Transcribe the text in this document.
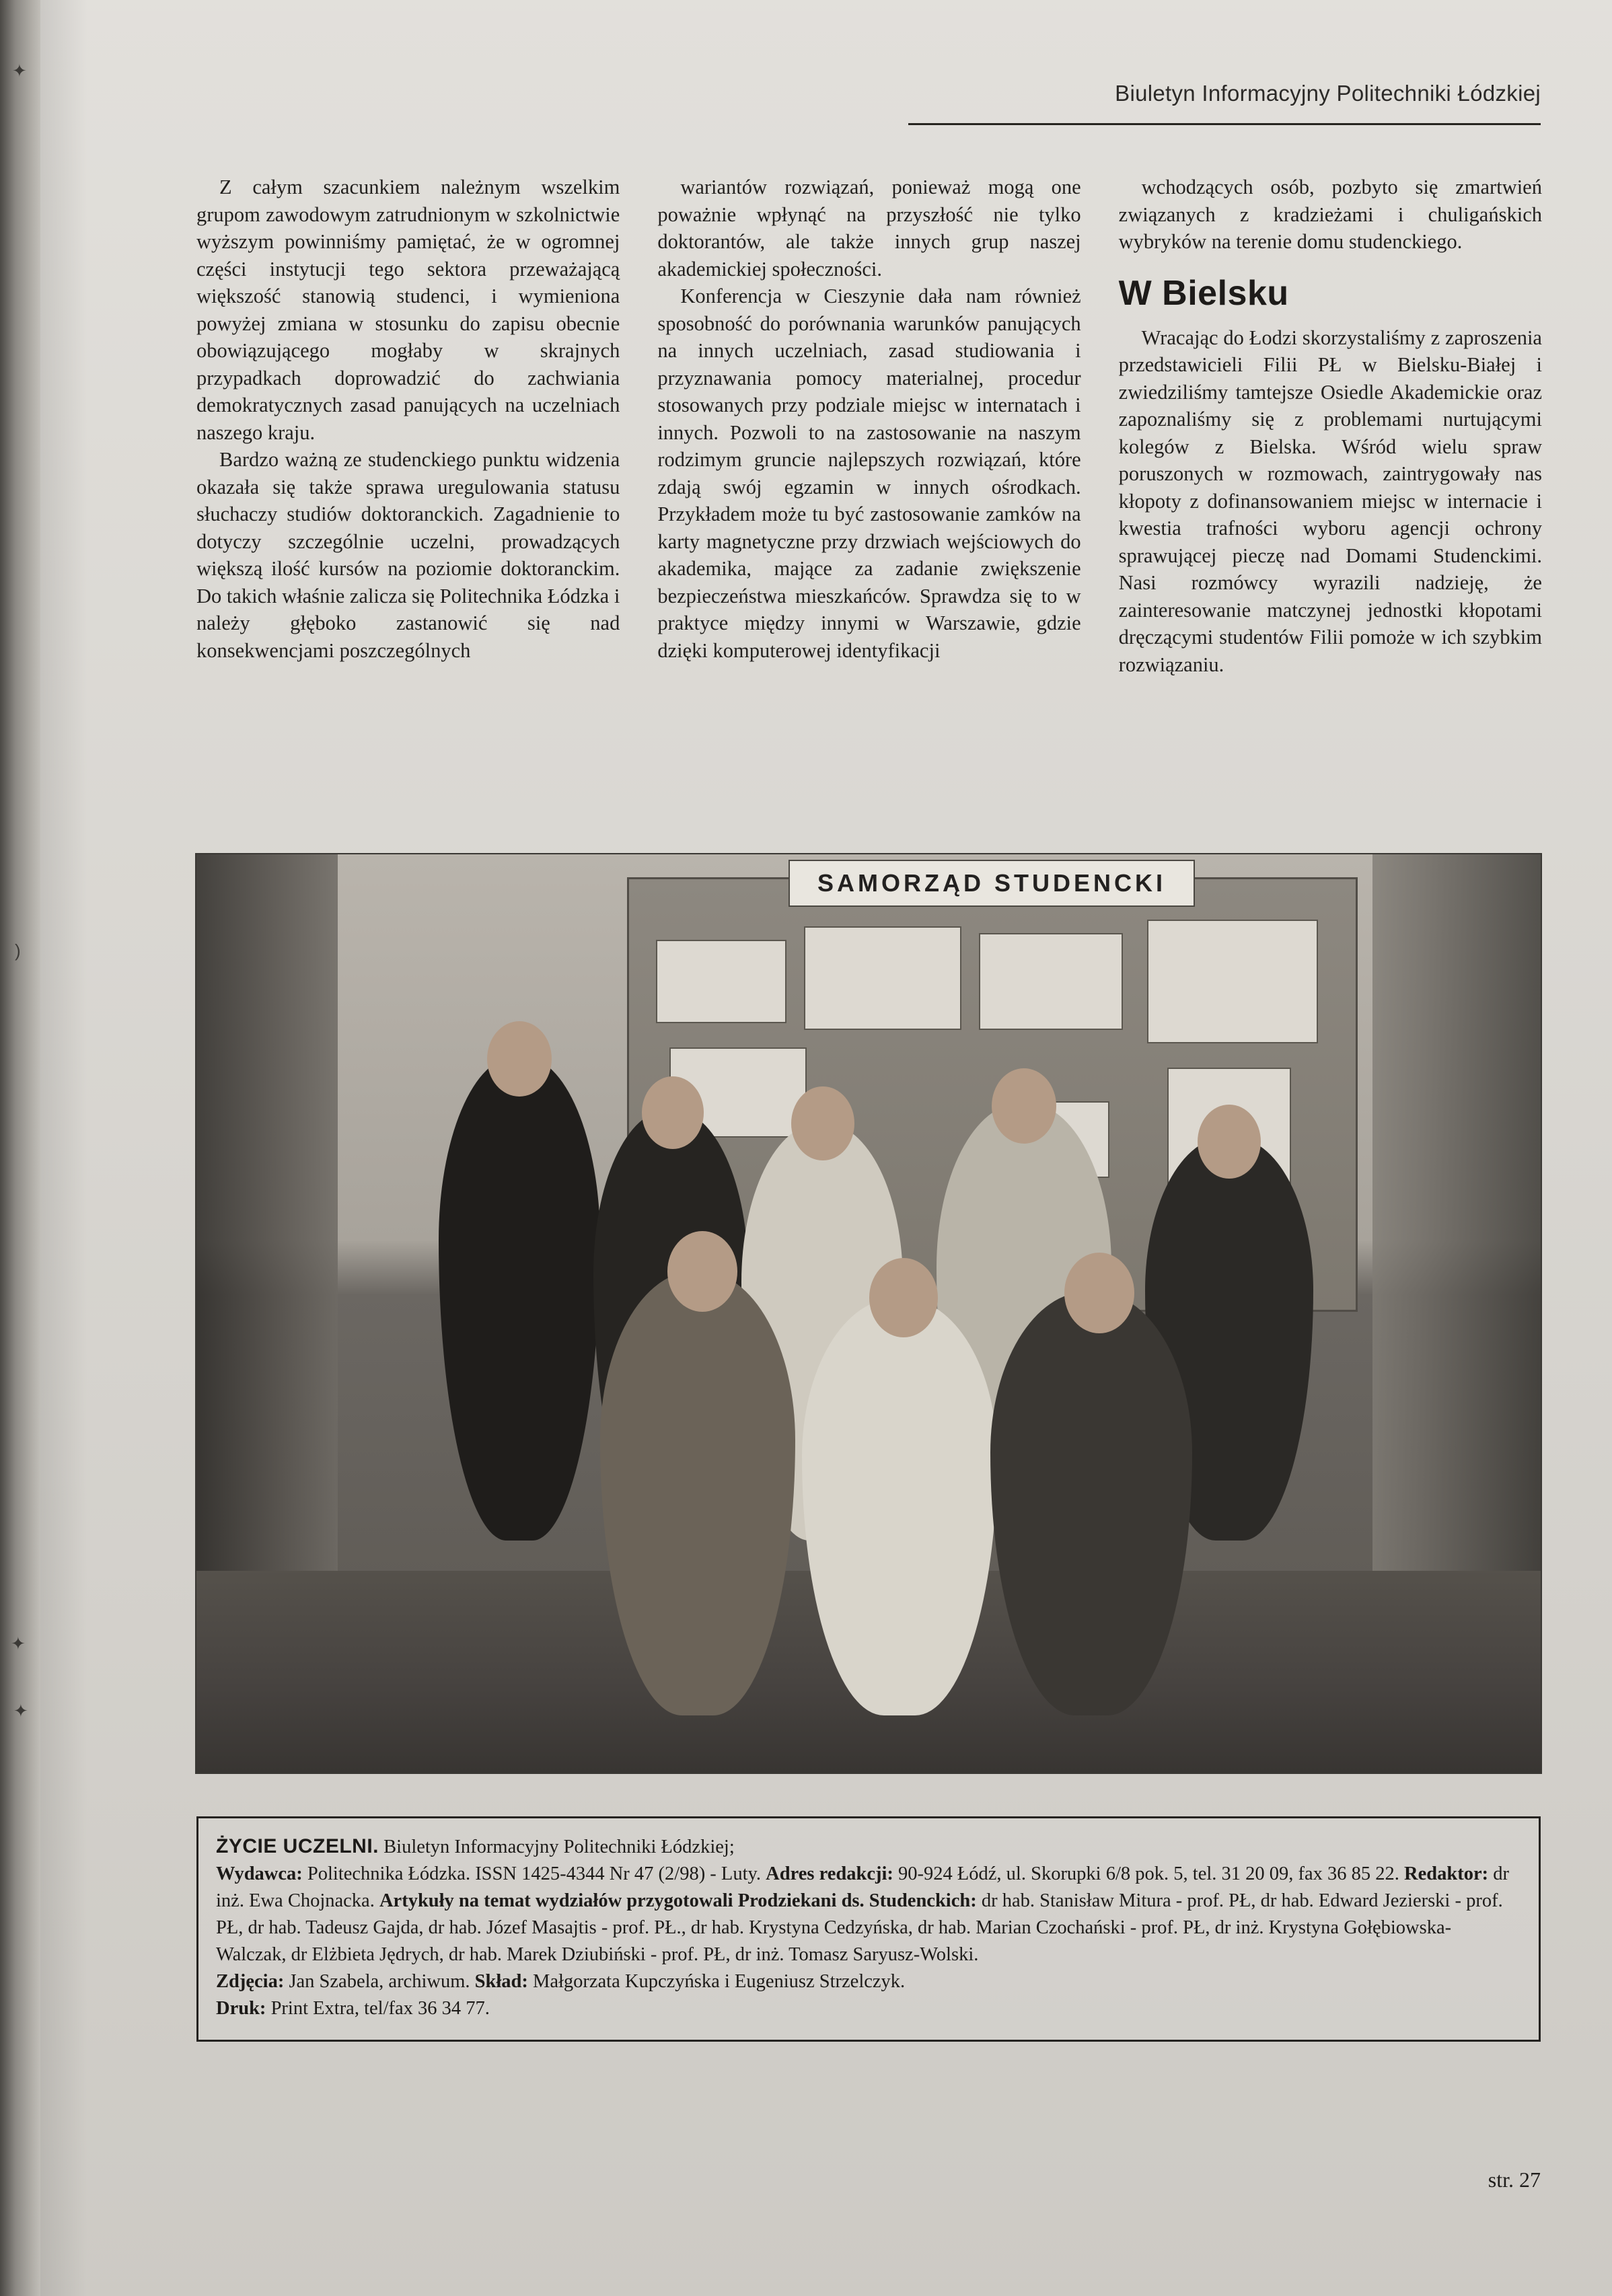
✦
)
✦
✦
Biuletyn Informacyjny Politechniki Łódzkiej

Z całym szacunkiem należnym wszelkim grupom zawodowym zatrudnionym w szkolnictwie wyższym powinniśmy pamiętać, że w ogromnej części instytucji tego sektora przeważającą większość stanowią studenci, i wymieniona powyżej zmiana w stosunku do zapisu obecnie obowiązującego mogłaby w skrajnych przypadkach doprowadzić do zachwiania demokratycznych zasad panujących na uczelniach naszego kraju.

Bardzo ważną ze studenckiego punktu widzenia okazała się także sprawa uregulowania statusu słuchaczy studiów doktoranckich. Zagadnienie to dotyczy szczególnie uczelni, prowadzących większą ilość kursów na poziomie doktoranckim. Do takich właśnie zalicza się Politechnika Łódzka i należy głęboko zastanowić się nad konsekwencjami poszczególnych

wariantów rozwiązań, ponieważ mogą one poważnie wpłynąć na przyszłość nie tylko doktorantów, ale także innych grup naszej akademickiej społeczności.

Konferencja w Cieszynie dała nam również sposobność do porównania warunków panujących na innych uczelniach, zasad studiowania i przyznawania pomocy materialnej, procedur stosowanych przy podziale miejsc w internatach i innych. Pozwoli to na zastosowanie na naszym rodzimym gruncie najlepszych rozwiązań, które zdają swój egzamin w innych ośrodkach. Przykładem może tu być zastosowanie zamków na karty magnetyczne przy drzwiach wejściowych do akademika, mające za zadanie zwiększenie bezpieczeństwa mieszkańców. Sprawdza się to w praktyce między innymi w Warszawie, gdzie dzięki komputerowej identyfikacji

wchodzących osób, pozbyto się zmartwień związanych z kradzieżami i chuligańskich wybryków na terenie domu studenckiego.

W Bielsku

Wracając do Łodzi skorzystaliśmy z zaproszenia przedstawicieli Filii PŁ w Bielsku-Białej i zwiedziliśmy tamtejsze Osiedle Akademickie oraz zapoznaliśmy się z problemami nurtującymi kolegów z Bielska. Wśród wielu spraw poruszonych w rozmowach, zaintrygowały nas kłopoty z dofinansowaniem miejsc w internacie i kwestia trafności wyboru agencji ochrony sprawującej pieczę nad Domami Studenckimi. Nasi rozmówcy wyrazili nadzieję, że zainteresowanie matczynej jednostki kłopotami dręczącymi studentów Filii pomoże w ich szybkim rozwiązaniu.

SAMORZĄD STUDENCKI

ŻYCIE UCZELNI. Biuletyn Informacyjny Politechniki Łódzkiej;

Wydawca: Politechnika Łódzka. ISSN 1425-4344 Nr 47 (2/98) - Luty. Adres redakcji: 90-924 Łódź, ul. Skorupki 6/8 pok. 5, tel. 31 20 09, fax 36 85 22. Redaktor: dr inż. Ewa Chojnacka. Artykuły na temat wydziałów przygotowali Prodziekani ds. Studenckich: dr hab. Stanisław Mitura - prof. PŁ, dr hab. Edward Jezierski - prof. PŁ, dr hab. Tadeusz Gajda, dr hab. Józef Masajtis - prof. PŁ., dr hab. Krystyna Cedzyńska, dr hab. Marian Czochański - prof. PŁ, dr inż. Krystyna Gołębiowska-Walczak, dr Elżbieta Jędrych, dr hab. Marek Dziubiński - prof. PŁ, dr inż. Tomasz Saryusz-Wolski.

Zdjęcia: Jan Szabela, archiwum. Skład: Małgorzata Kupczyńska i Eugeniusz Strzelczyk.

Druk: Print Extra, tel/fax 36 34 77.

str. 27
